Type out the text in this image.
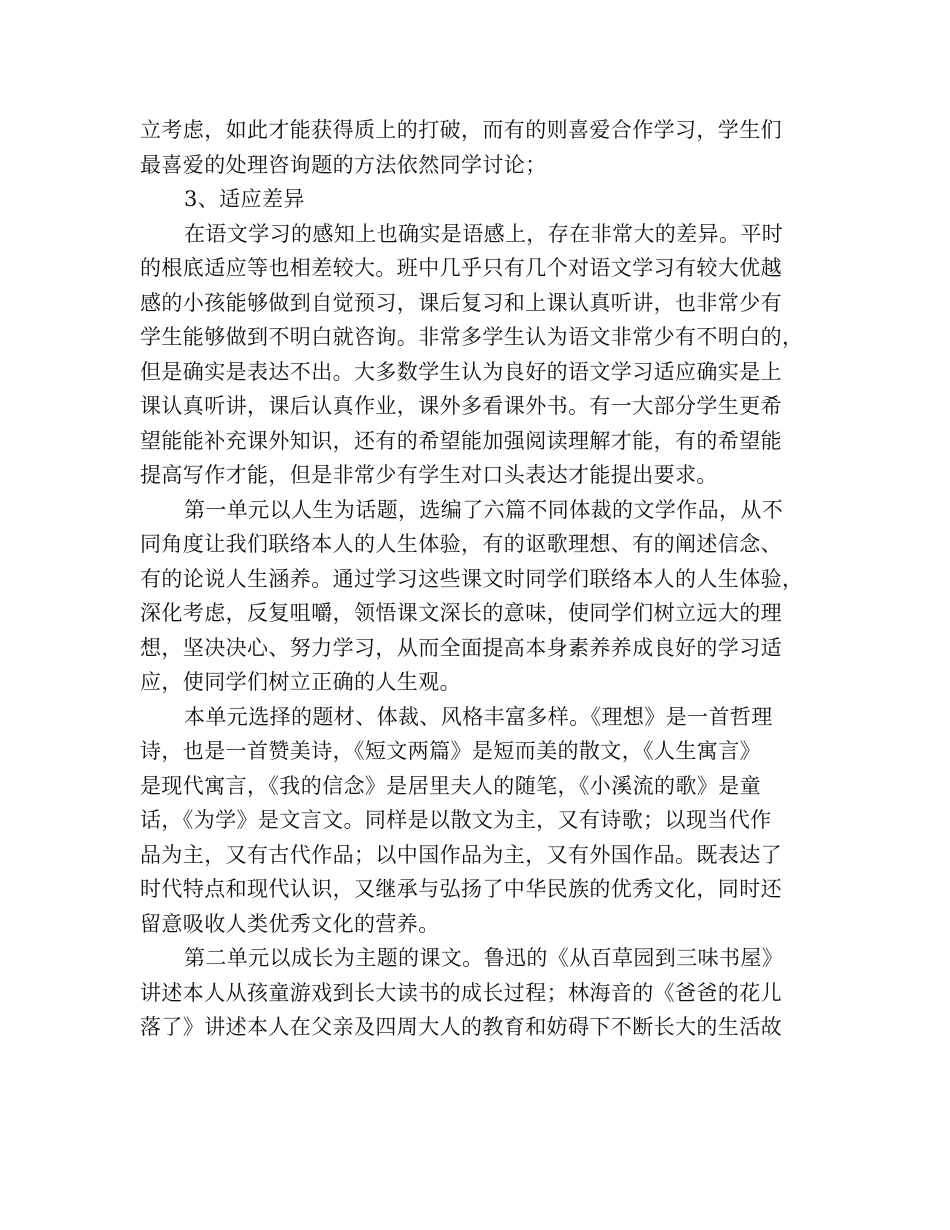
立考虑，如此才能获得质上的打破，而有的则喜爱合作学习，学生们
最喜爱的处理咨询题的方法依然同学讨论；
3、适应差异
在语文学习的感知上也确实是语感上，存在非常大的差异。平时
的根底适应等也相差较大。班中几乎只有几个对语文学习有较大优越
感的小孩能够做到自觉预习，课后复习和上课认真听讲，也非常少有
学生能够做到不明白就咨询。非常多学生认为语文非常少有不明白的，
但是确实是表达不出。大多数学生认为良好的语文学习适应确实是上
课认真听讲，课后认真作业，课外多看课外书。有一大部分学生更希
望能能补充课外知识，还有的希望能加强阅读理解才能，有的希望能
提高写作才能，但是非常少有学生对口头表达才能提出要求。
第一单元以人生为话题，选编了六篇不同体裁的文学作品，从不
同角度让我们联络本人的人生体验，有的讴歌理想、有的阐述信念、
有的论说人生涵养。通过学习这些课文时同学们联络本人的人生体验，
深化考虑，反复咀嚼，领悟课文深长的意味，使同学们树立远大的理
想，坚决决心、努力学习，从而全面提高本身素养养成良好的学习适
应，使同学们树立正确的人生观。
本单元选择的题材、体裁、风格丰富多样。《理想》是一首哲理
诗，也是一首赞美诗，《短文两篇》是短而美的散文，《人生寓言》
是现代寓言，《我的信念》是居里夫人的随笔，《小溪流的歌》是童
话，《为学》是文言文。同样是以散文为主，又有诗歌；以现当代作
品为主，又有古代作品；以中国作品为主，又有外国作品。既表达了
时代特点和现代认识，又继承与弘扬了中华民族的优秀文化，同时还
留意吸收人类优秀文化的营养。
第二单元以成长为主题的课文。鲁迅的《从百草园到三味书屋》
讲述本人从孩童游戏到长大读书的成长过程；林海音的《爸爸的花儿
落了》讲述本人在父亲及四周大人的教育和妨碍下不断长大的生活故
